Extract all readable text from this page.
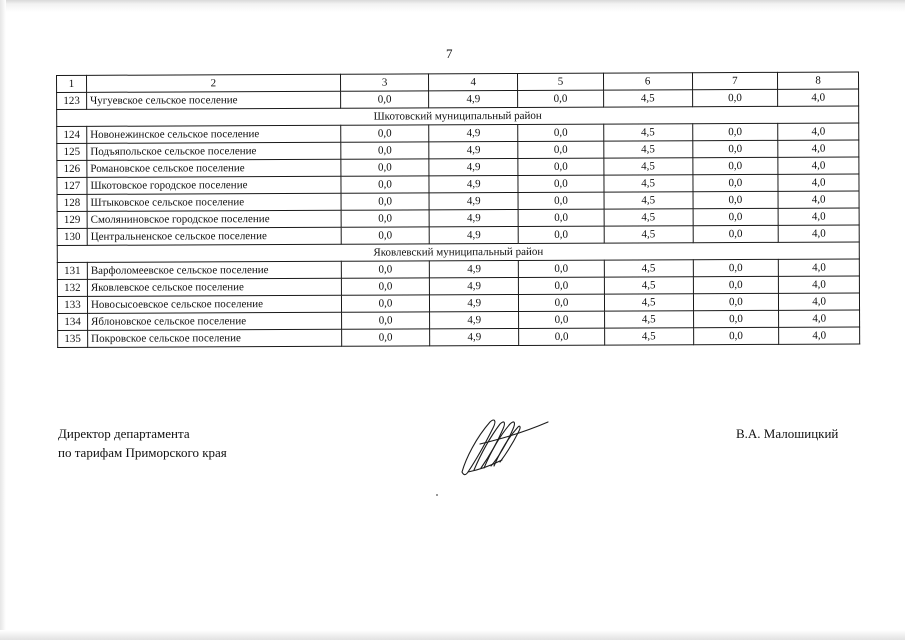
7
1	2	3	4	5	6	7	8
123	Чугуевское сельское поселение	0,0	4,9	0,0	4,5	0,0	4,0
Шкотовский муниципальный район							
124	Новонежинское сельское поселение	0,0	4,9	0,0	4,5	0,0	4,0
125	Подъяпольское сельское поселение	0,0	4,9	0,0	4,5	0,0	4,0
126	Романовское сельское поселение	0,0	4,9	0,0	4,5	0,0	4,0
127	Шкотовское городское поселение	0,0	4,9	0,0	4,5	0,0	4,0
128	Штыковское сельское поселение	0,0	4,9	0,0	4,5	0,0	4,0
129	Смоляниновское городское поселение	0,0	4,9	0,0	4,5	0,0	4,0
130	Центральненское сельское поселение	0,0	4,9	0,0	4,5	0,0	4,0
Яковлевский муниципальный район							
131	Варфоломеевское сельское поселение	0,0	4,9	0,0	4,5	0,0	4,0
132	Яковлевское сельское поселение	0,0	4,9	0,0	4,5	0,0	4,0
133	Новосысоевское сельское поселение	0,0	4,9	0,0	4,5	0,0	4,0
134	Яблоновское сельское поселение	0,0	4,9	0,0	4,5	0,0	4,0
135	Покровское сельское поселение	0,0	4,9	0,0	4,5	0,0	4,0
Директор департамента
по тарифам Приморского края
В.А. Малошицкий
